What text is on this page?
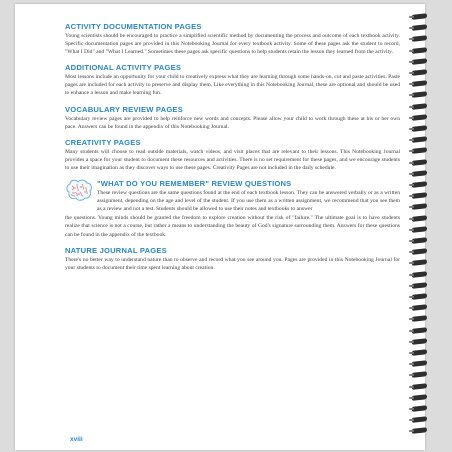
ACTIVITY DOCUMENTATION PAGES

Young scientists should be encouraged to practice a simplified scientific method by documenting the process and outcome of each textbook activity. Specific documentation pages are provided in this Notebooking Journal for every textbook activity. Some of these pages ask the student to record, "What I Did" and "What I Learned." Sometimes these pages ask specific questions to help students retain the lesson they learned from the activity.

ADDITIONAL ACTIVITY PAGES

Most lessons include an opportunity for your child to creatively express what they are learning through some hands-on, cut and paste activities. Paste pages are included for each activity to preserve and display them. Like everything in this Notebooking Journal, these are optional and should be used to enhance a lesson and make learning fun.

VOCABULARY REVIEW PAGES

Vocabulary review pages are provided to help reinforce new words and concepts. Please allow your child to work through these at his or her own pace. Answers can be found in the appendix of this Notebooking Journal.

CREATIVITY PAGES

Many students will choose to read outside materials, watch videos, and visit places that are relevant to their lessons. This Notebooking Journal provides a space for your student to document these resources and activities. There is no set requirement for these pages, and we encourage students to use their imagination as they discover ways to use these pages. Creativity Pages are not included in the daily schedule.

"WHAT DO YOU REMEMBER" REVIEW QUESTIONS

These review questions are the same questions found at the end of each textbook lesson. They can be answered verbally or as a written assignment, depending on the age and level of the student. If you use them as a written assignment, we recommend that you see them as a review and not a test. Students should be allowed to use their notes and textbooks to answer

the questions. Young minds should be granted the freedom to explore creation without the risk of "failure." The ultimate goal is to have students realize that science is not a course, but rather a means to understanding the beauty of God's signature surrounding them. Answers for these questions can be found in the appendix of the textbook.

NATURE JOURNAL PAGES

There's no better way to understand nature than to observe and record what you see around you. Pages are provided in this Notebooking Journal for your students to document their time spent learning about creation.

xviii
